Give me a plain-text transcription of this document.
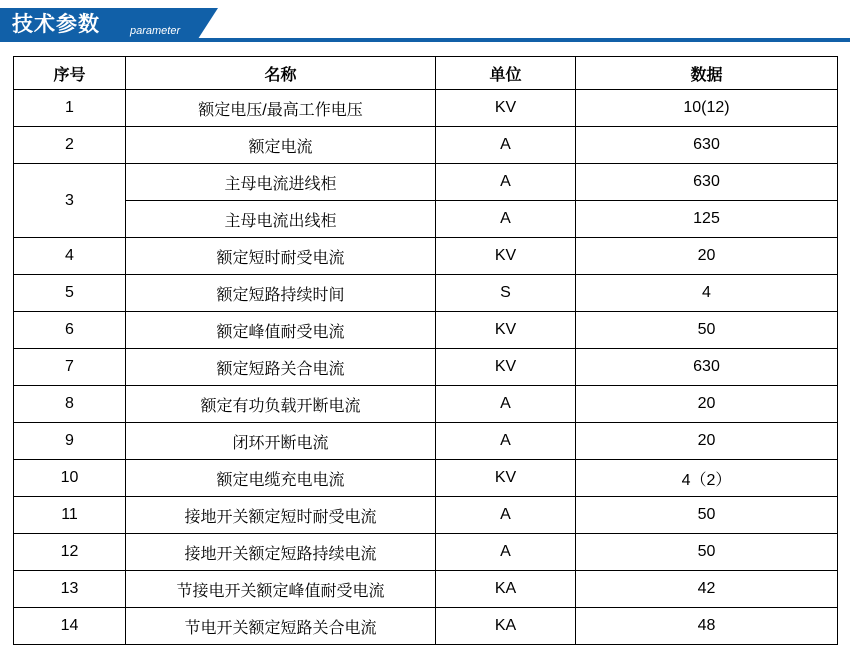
技术参数	parameter
序号	名称	单位	数据
1	额定电压/最高工作电压	KV	10(12)
2	额定电流	A	630
3	主母电流进线柜	A	630
	主母电流出线柜	A	125
4	额定短时耐受电流	KV	20
5	额定短路持续时间	S	4
6	额定峰值耐受电流	KV	50
7	额定短路关合电流	KV	630
8	额定有功负载开断电流	A	20
9	闭环开断电流	A	20
10	额定电缆充电电流	KV	4（2）
11	接地开关额定短时耐受电流	A	50
12	接地开关额定短路持续电流	A	50
13	节接电开关额定峰值耐受电流	KA	42
14	节电开关额定短路关合电流	KA	48
